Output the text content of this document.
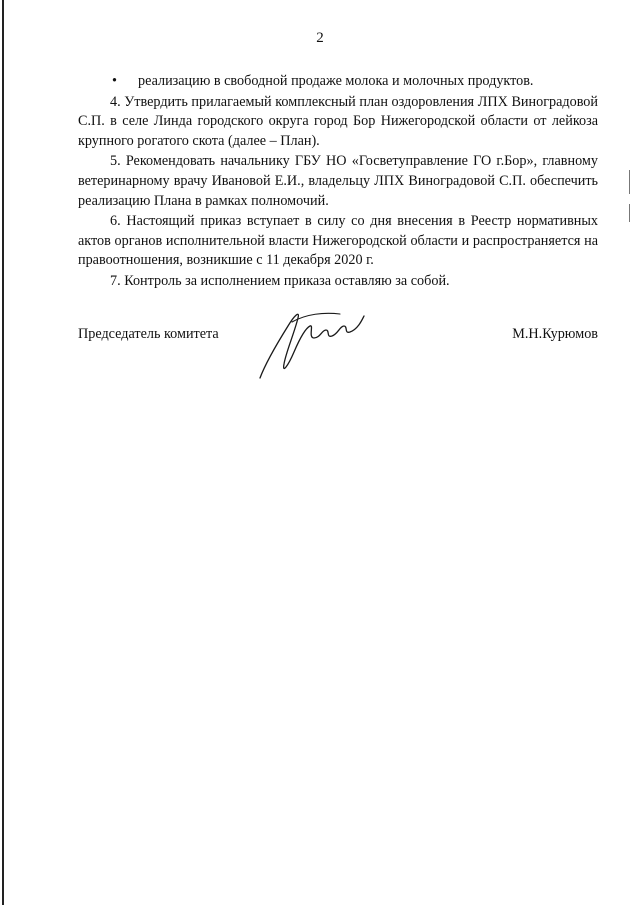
2
• реализацию в свободной продаже молока и молочных продуктов.

4. Утвердить прилагаемый комплексный план оздоровления ЛПХ Виноградовой С.П. в селе Линда городского округа город Бор Нижегородской области от лейкоза крупного рогатого скота (далее – План).

5. Рекомендовать начальнику ГБУ НО «Госветуправление ГО г.Бор», главному ветеринарному врачу Ивановой Е.И., владельцу ЛПХ Виноградовой С.П. обеспечить реализацию Плана в рамках полномочий.

6. Настоящий приказ вступает в силу со дня внесения в Реестр нормативных актов органов исполнительной власти Нижегородской области и распространяется на правоотношения, возникшие с 11 декабря 2020 г.

7. Контроль за исполнением приказа оставляю за собой.

Председатель комитета	М.Н.Курюмов
